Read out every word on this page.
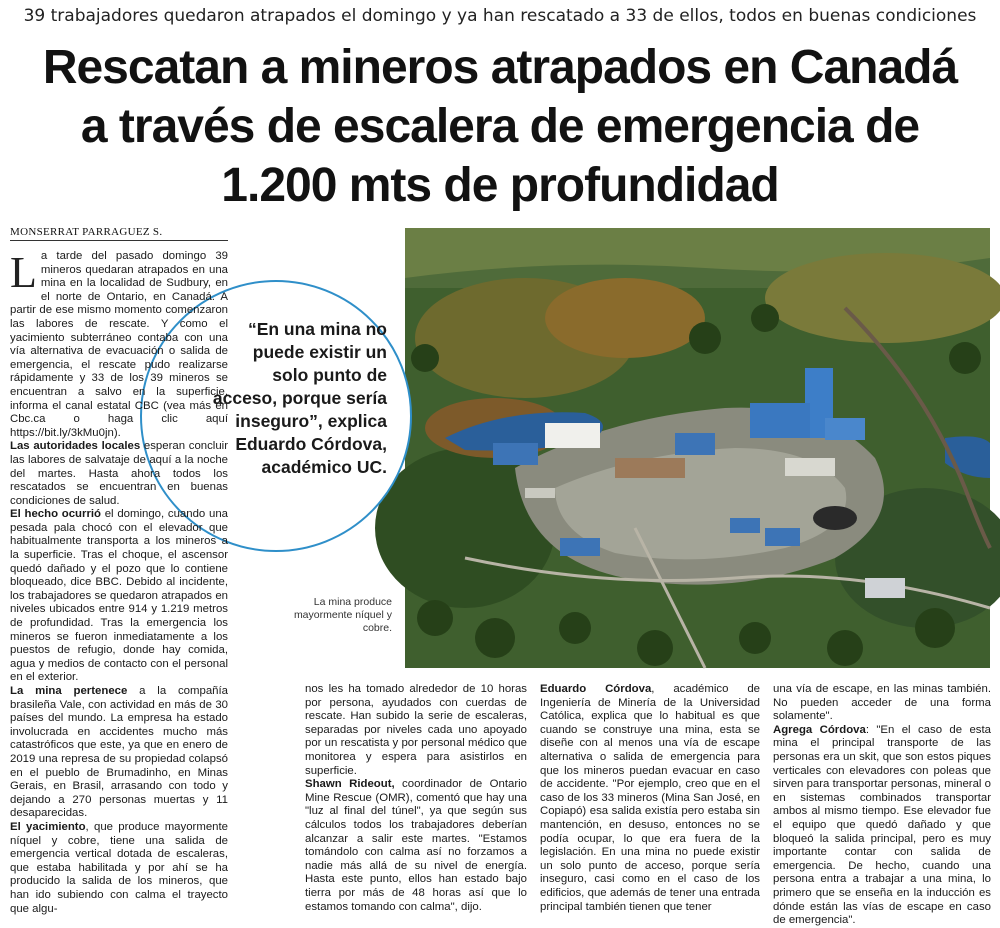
39 trabajadores quedaron atrapados el domingo y ya han rescatado a 33 de ellos, todos en buenas condiciones
Rescatan a mineros atrapados en Canadá
a través de escalera de emergencia de
1.200 mts de profundidad
MONSERRAT PARRAGUEZ S.
“En una mina no puede existir un solo punto de acceso, porque sería inseguro”, explica Eduardo Córdova, académico UC.
La mina produce mayormente níquel y cobre.

La tarde del pasado domingo 39 mineros quedaran atrapados en una mina en la localidad de Sudbury, en el norte de Ontario, en Canadá. A partir de ese mismo momento comenzaron las labores de rescate. Y como el yacimiento subterráneo contaba con una vía alternativa de evacuación o salida de emergencia, el rescate pudo realizarse rápidamente y 33 de los 39 mineros se encuentran a salvo en la superficie, informa el canal estatal CBC (vea más en Cbc.ca o haga clic aquí https://bit.ly/3kMu0jn).

Las autoridades locales esperan concluir las labores de salvataje de aquí a la noche del martes. Hasta ahora todos los rescatados se encuentran en buenas condiciones de salud.

El hecho ocurrió el domingo, cuando una pesada pala chocó con el elevador que habitualmente transporta a los mineros a la superficie. Tras el choque, el ascensor quedó dañado y el pozo que lo contiene bloqueado, dice BBC. Debido al incidente, los trabajadores se quedaron atrapados en niveles ubicados entre 914 y 1.219 metros de profundidad. Tras la emergencia los mineros se fueron inmediatamente a los puestos de refugio, donde hay comida, agua y medios de contacto con el personal en el exterior.

La mina pertenece a la compañía brasileña Vale, con actividad en más de 30 países del mundo. La empresa ha estado involucrada en accidentes mucho más catastróficos que este, ya que en enero de 2019 una represa de su propiedad colapsó en el pueblo de Brumadinho, en Minas Gerais, en Brasil, arrasando con todo y dejando a 270 personas muertas y 11 desaparecidas.

El yacimiento, que produce mayormente níquel y cobre, tiene una salida de emergencia vertical dotada de escaleras, que estaba habilitada y por ahí se ha producido la salida de los mineros, que han ido subiendo con calma el trayecto que algu-

nos les ha tomado alrededor de 10 horas por persona, ayudados con cuerdas de rescate. Han subido la serie de escaleras, separadas por niveles cada uno apoyado por un rescatista y por personal médico que monitorea y espera para asistirlos en superficie.

Shawn Rideout, coordinador de Ontario Mine Rescue (OMR), comentó que hay una "luz al final del túnel", ya que según sus cálculos todos los trabajadores deberían alcanzar a salir este martes. "Estamos tomándolo con calma así no forzamos a nadie más allá de su nivel de energía. Hasta este punto, ellos han estado bajo tierra por más de 48 horas así que lo estamos tomando con calma", dijo.

Eduardo Córdova, académico de Ingeniería de Minería de la Universidad Católica, explica que lo habitual es que cuando se construye una mina, esta se diseñe con al menos una vía de escape alternativa o salida de emergencia para que los mineros puedan evacuar en caso de accidente. "Por ejemplo, creo que en el caso de los 33 mineros (Mina San José, en Copiapó) esa salida existía pero estaba sin mantención, en desuso, entonces no se podía ocupar, lo que era fuera de la legislación. En una mina no puede existir un solo punto de acceso, porque sería inseguro, casi como en el caso de los edificios, que además de tener una entrada principal también tienen que tener

una vía de escape, en las minas también. No pueden acceder de una forma solamente".

Agrega Córdova: "En el caso de esta mina el principal transporte de las personas era un skit, que son estos piques verticales con elevadores con poleas que sirven para transportar personas, mineral o en sistemas combinados transportar ambos al mismo tiempo. Ese elevador fue el equipo que quedó dañado y que bloqueó la salida principal, pero es muy importante contar con salida de emergencia. De hecho, cuando una persona entra a trabajar a una mina, lo primero que se enseña en la inducción es dónde están las vías de escape en caso de emergencia".
